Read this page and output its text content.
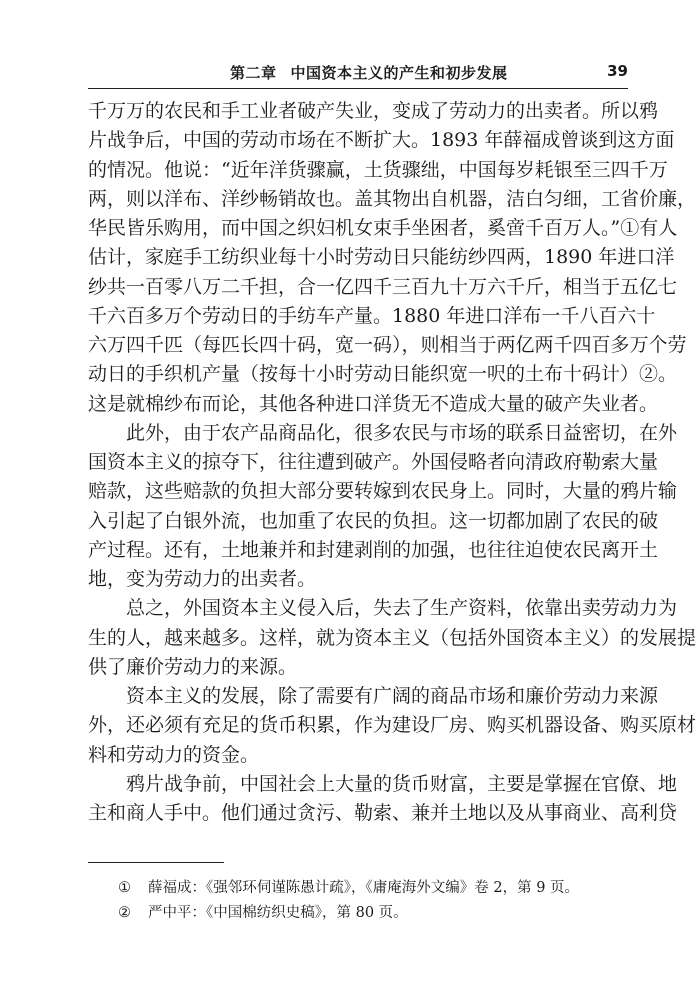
第二章 中国资本主义的产生和初步发展	39
千万万的农民和手工业者破产失业，变成了劳动力的出卖者。所以鸦
片战争后，中国的劳动市场在不断扩大。1893 年薛福成曾谈到这方面
的情况。他说：“近年洋货骤赢，土货骤绌，中国每岁耗银至三四千万
两，则以洋布、洋纱畅销故也。盖其物出自机器，洁白匀细，工省价廉，
华民皆乐购用，而中国之织妇机女束手坐困者，奚啻千百万人。”①有人
估计，家庭手工纺织业每十小时劳动日只能纺纱四两，1890 年进口洋
纱共一百零八万二千担，合一亿四千三百九十万六千斤，相当于五亿七
千六百多万个劳动日的手纺车产量。1880 年进口洋布一千八百六十
六万四千匹（每匹长四十码，宽一码），则相当于两亿两千四百多万个劳
动日的手织机产量（按每十小时劳动日能织宽一呎的土布十码计）②。
这是就棉纱布而论，其他各种进口洋货无不造成大量的破产失业者。
此外，由于农产品商品化，很多农民与市场的联系日益密切，在外
国资本主义的掠夺下，往往遭到破产。外国侵略者向清政府勒索大量
赔款，这些赔款的负担大部分要转嫁到农民身上。同时，大量的鸦片输
入引起了白银外流，也加重了农民的负担。这一切都加剧了农民的破
产过程。还有，土地兼并和封建剥削的加强，也往往迫使农民离开土
地，变为劳动力的出卖者。
总之，外国资本主义侵入后，失去了生产资料，依靠出卖劳动力为
生的人，越来越多。这样，就为资本主义（包括外国资本主义）的发展提
供了廉价劳动力的来源。
资本主义的发展，除了需要有广阔的商品市场和廉价劳动力来源
外，还必须有充足的货币积累，作为建设厂房、购买机器设备、购买原材
料和劳动力的资金。
鸦片战争前，中国社会上大量的货币财富，主要是掌握在官僚、地
主和商人手中。他们通过贪污、勒索、兼并土地以及从事商业、高利贷
① 薛福成：《强邻环伺谨陈愚计疏》，《庸庵海外文编》卷 2，第 9 页。
② 严中平：《中国棉纺织史稿》，第 80 页。
